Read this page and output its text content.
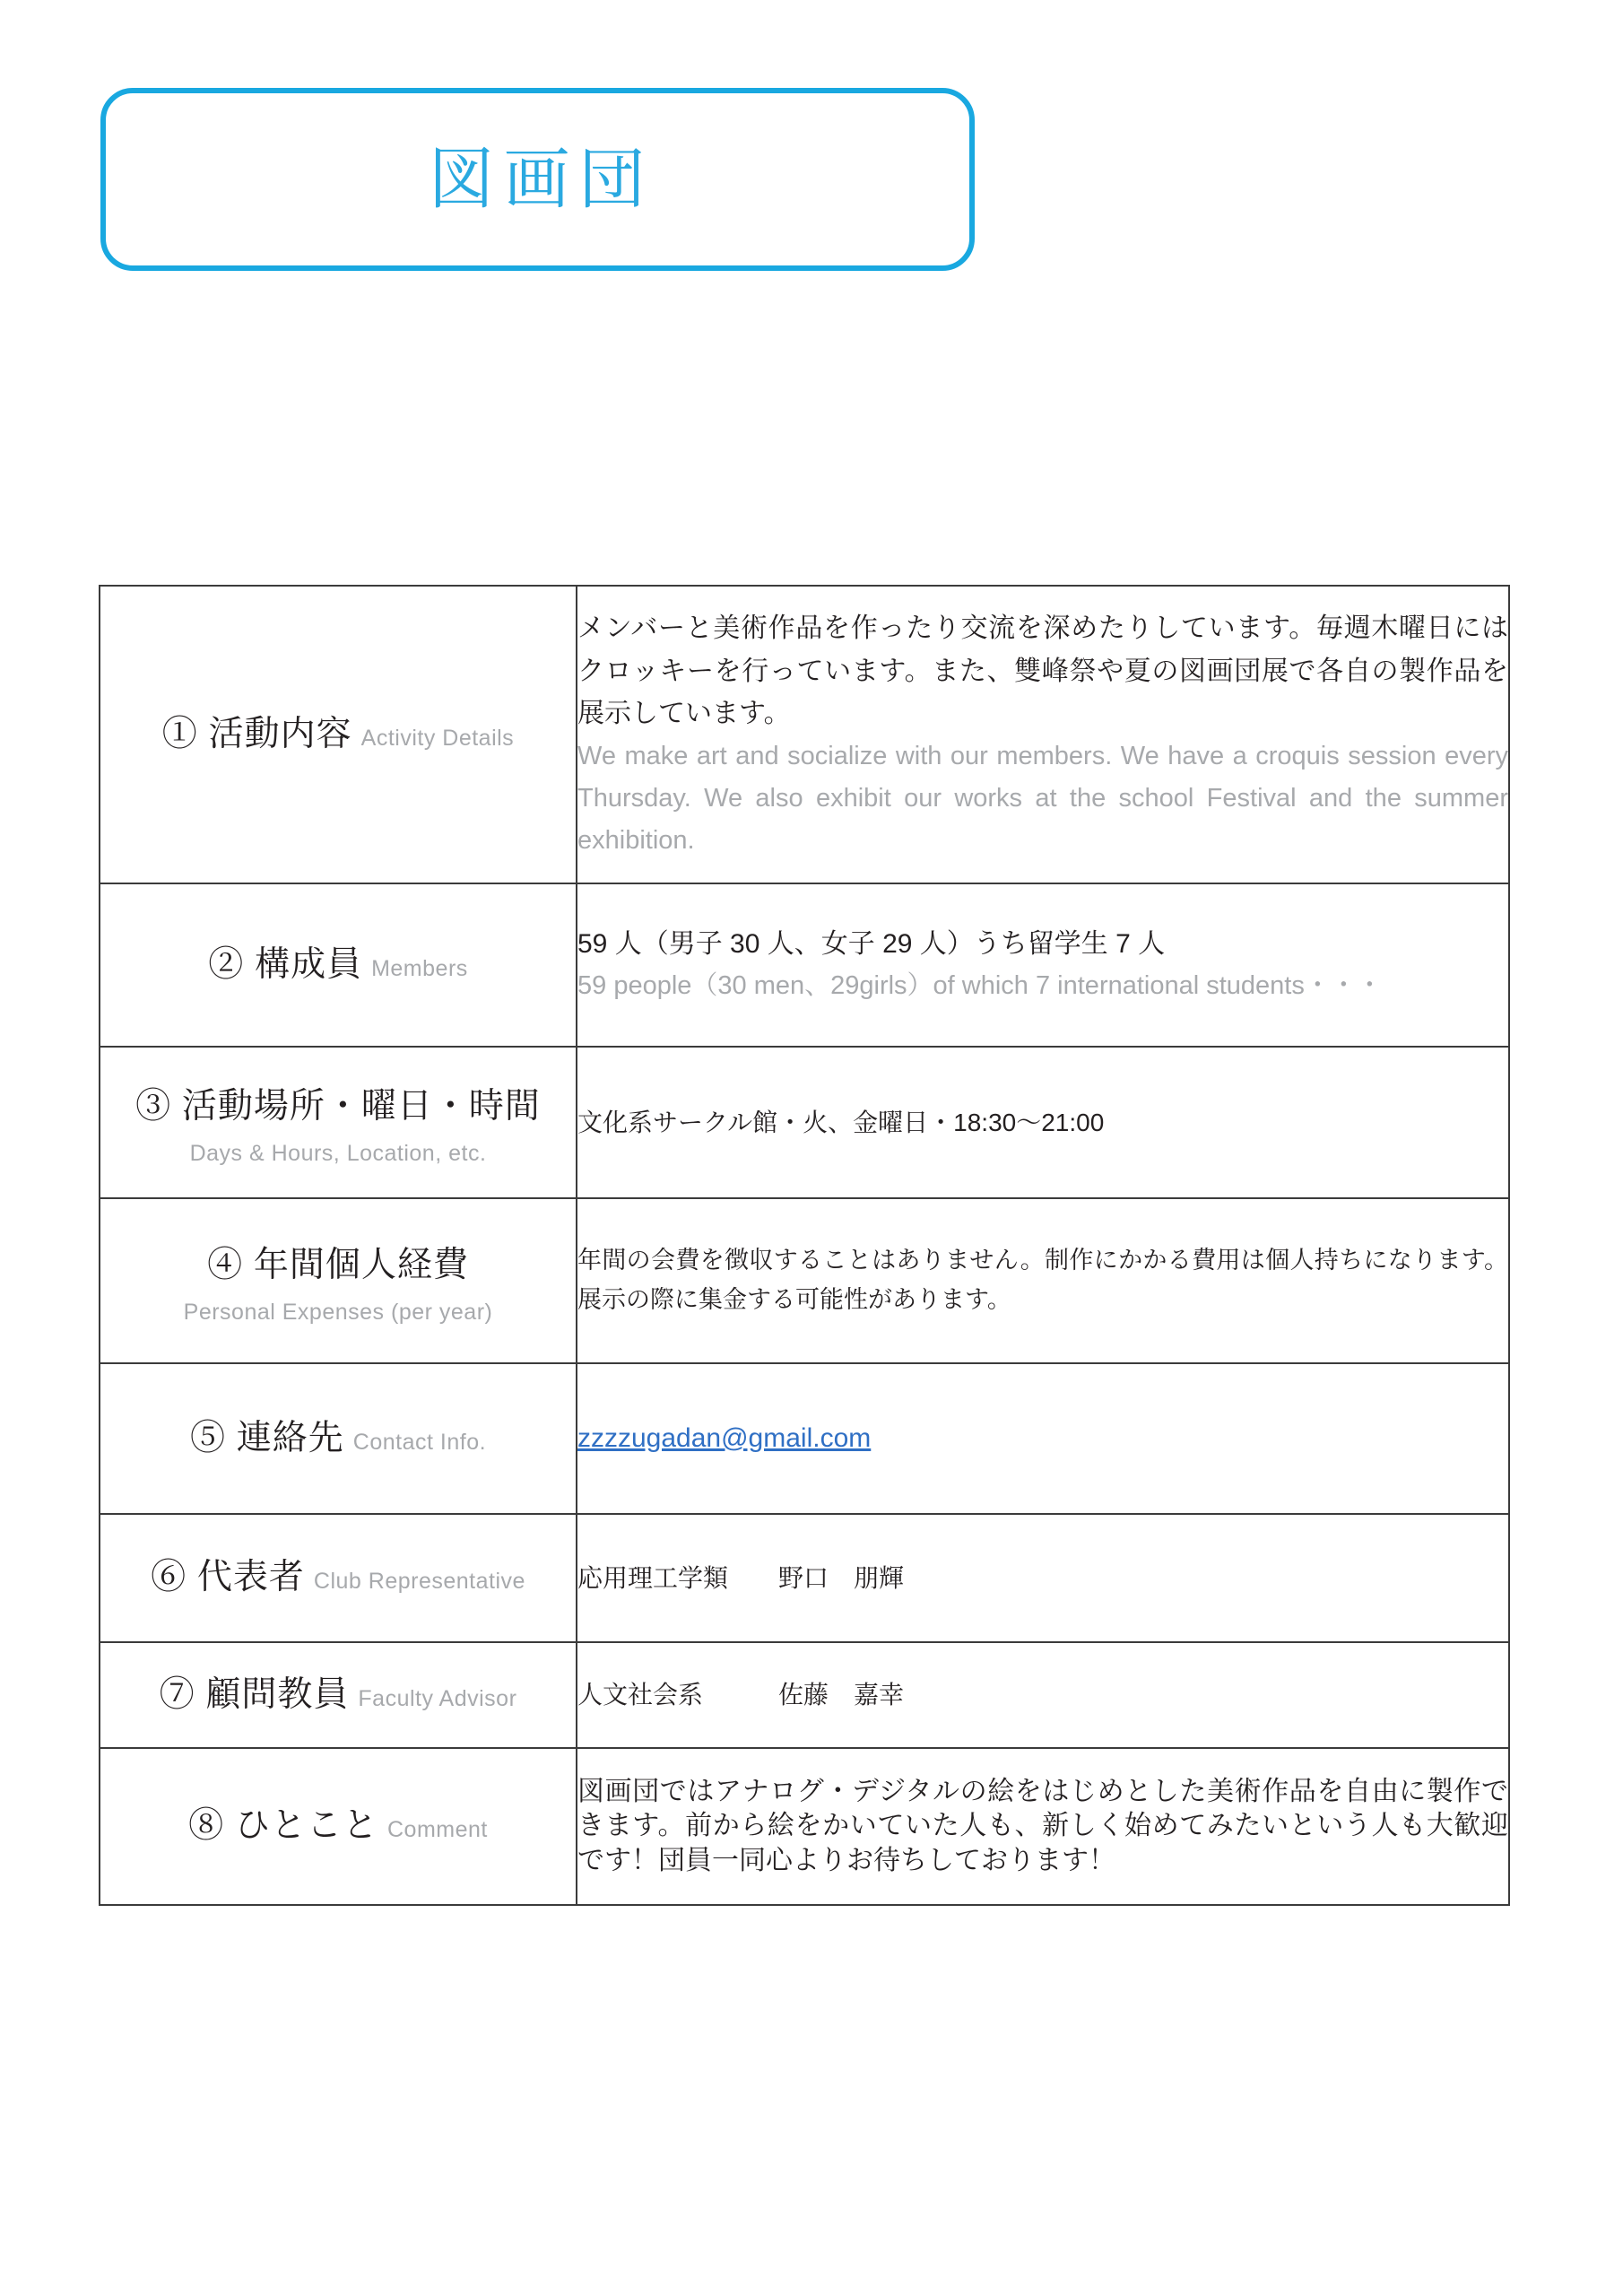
図画団
① 活動内容 Activity Details	メンバーと美術作品を作ったり交流を深めたりしています。毎週木曜日にはクロッキーを行っています。また、雙峰祭や夏の図画団展で各自の製作品を展示しています。
We make art and socialize with our members. We have a croquis session every Thursday. We also exhibit our works at the school Festival and the summer exhibition.

② 構成員 Members	59 人（男子 30 人、女子 29 人）うち留学生 7 人
59 people（30 men、29girls）of which 7 international students・・・

③ 活動場所・曜日・時間
Days & Hours, Location, etc.	文化系サークル館・火、金曜日・18:30〜21:00

④ 年間個人経費
Personal Expenses (per year)	年間の会費を徴収することはありません。制作にかかる費用は個人持ちになります。展示の際に集金する可能性があります。

⑤ 連絡先 Contact Info.	zzzzugadan@gmail.com

⑥ 代表者 Club Representative	応用理工学類　　野口　朋輝

⑦ 顧問教員 Faculty Advisor	人文社会系　　　佐藤　嘉幸

⑧ ひとこと Comment	図画団ではアナログ・デジタルの絵をはじめとした美術作品を自由に製作できます。前から絵をかいていた人も、新しく始めてみたいという人も大歓迎です！団員一同心よりお待ちしております！
